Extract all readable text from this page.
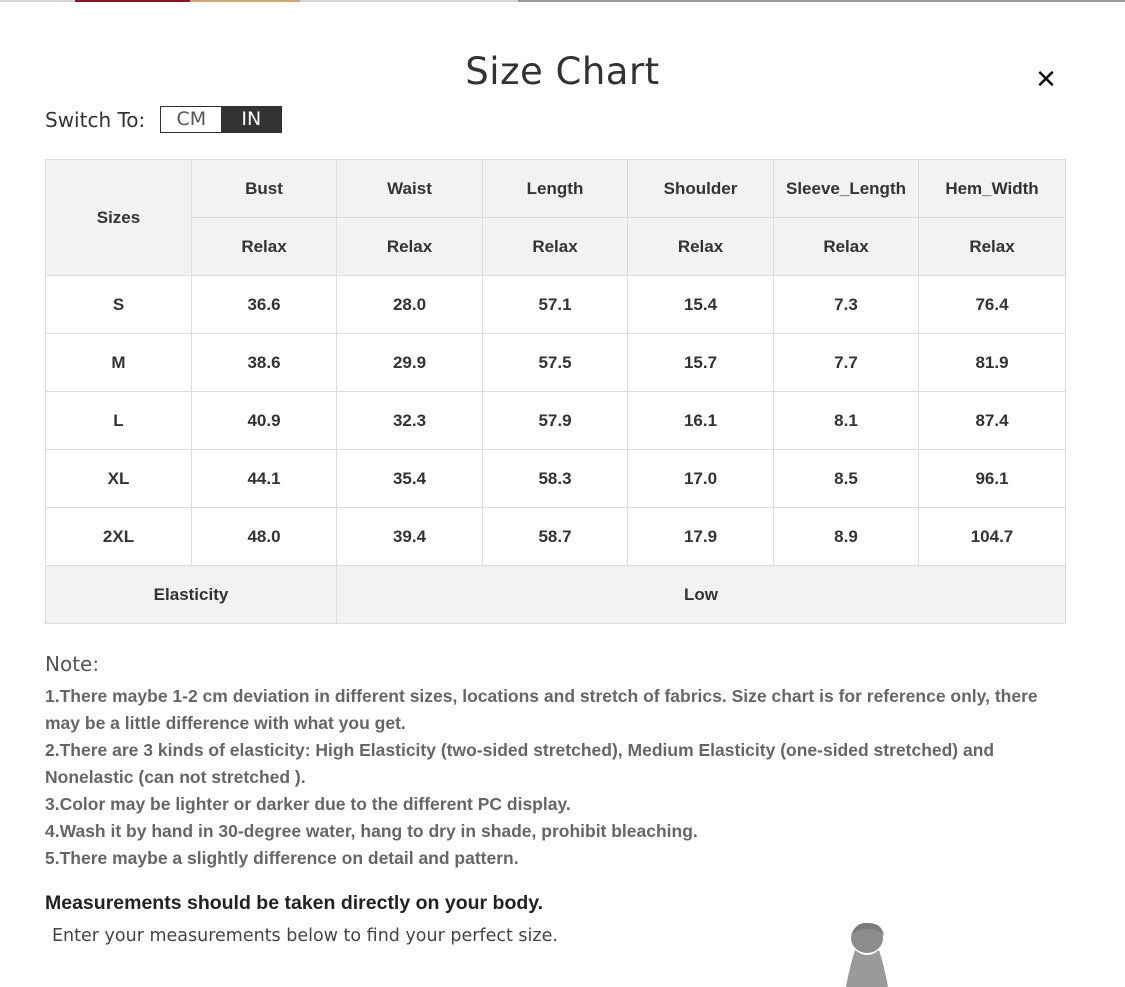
Size Chart	✕
Switch To:	CM	IN
Sizes	Bust	Waist	Length	Shoulder	Sleeve_Length	Hem_Width
	Relax	Relax	Relax	Relax	Relax	Relax
S	36.6	28.0	57.1	15.4	7.3	76.4
M	38.6	29.9	57.5	15.7	7.7	81.9
L	40.9	32.3	57.9	16.1	8.1	87.4
XL	44.1	35.4	58.3	17.0	8.5	96.1
2XL	48.0	39.4	58.7	17.9	8.9	104.7
Elasticity		Low				
Note:
1.There maybe 1-2 cm deviation in different sizes, locations and stretch of fabrics. Size chart is for reference only, there may be a little difference with what you get.
2.There are 3 kinds of elasticity: High Elasticity (two-sided stretched), Medium Elasticity (one-sided stretched) and Nonelastic (can not stretched ).
3.Color may be lighter or darker due to the different PC display.
4.Wash it by hand in 30-degree water, hang to dry in shade, prohibit bleaching.
5.There maybe a slightly difference on detail and pattern.
Measurements should be taken directly on your body.
Enter your measurements below to find your perfect size.
